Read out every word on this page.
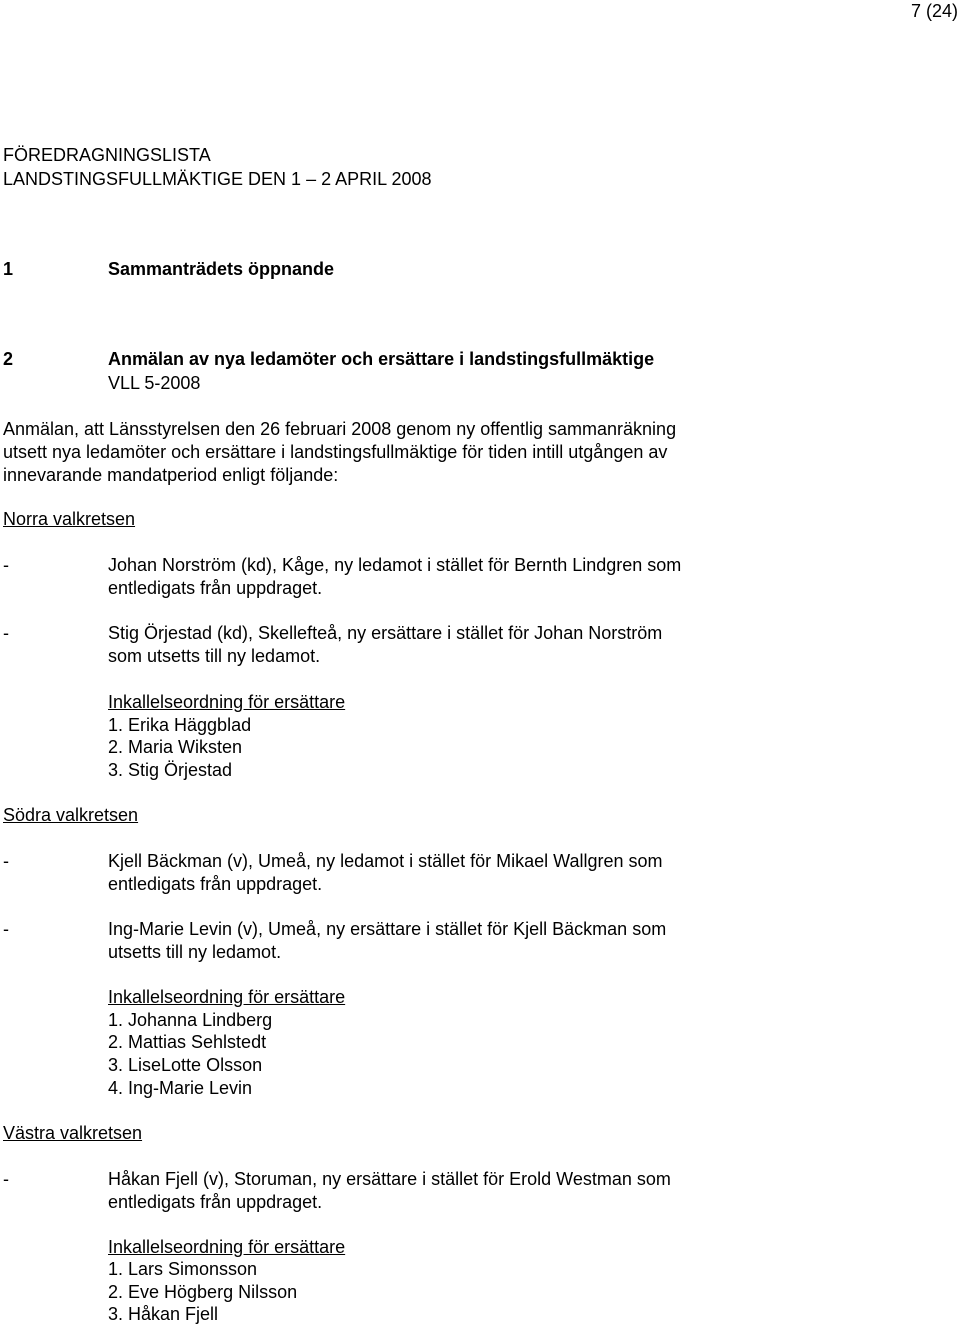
7 (24)
FÖREDRAGNINGSLISTA
LANDSTINGSFULLMÄKTIGE DEN 1 – 2 APRIL 2008
1	Sammanträdets öppnande
2	Anmälan av nya ledamöter och ersättare i landstingsfullmäktige
VLL 5-2008
Anmälan, att Länsstyrelsen den 26 februari 2008 genom ny offentlig sammanräkning
utsett nya ledamöter och ersättare i landstingsfullmäktige för tiden intill utgången av
innevarande mandatperiod enligt följande:
Norra valkretsen
-	Johan Norström (kd), Kåge, ny ledamot i stället för Bernth Lindgren som
entledigats från uppdraget.
-	Stig Örjestad (kd), Skellefteå, ny ersättare i stället för Johan Norström
som utsetts till ny ledamot.
Inkallelseordning för ersättare
1. Erika Häggblad
2. Maria Wiksten
3. Stig Örjestad
Södra valkretsen
-	Kjell Bäckman (v), Umeå, ny ledamot i stället för Mikael Wallgren som
entledigats från uppdraget.
-	Ing-Marie Levin (v), Umeå, ny ersättare i stället för Kjell Bäckman som
utsetts till ny ledamot.
Inkallelseordning för ersättare
1. Johanna Lindberg
2. Mattias Sehlstedt
3. LiseLotte Olsson
4. Ing-Marie Levin
Västra valkretsen
-	Håkan Fjell (v), Storuman, ny ersättare i stället för Erold Westman som
entledigats från uppdraget.
Inkallelseordning för ersättare
1. Lars Simonsson
2. Eve Högberg Nilsson
3. Håkan Fjell
